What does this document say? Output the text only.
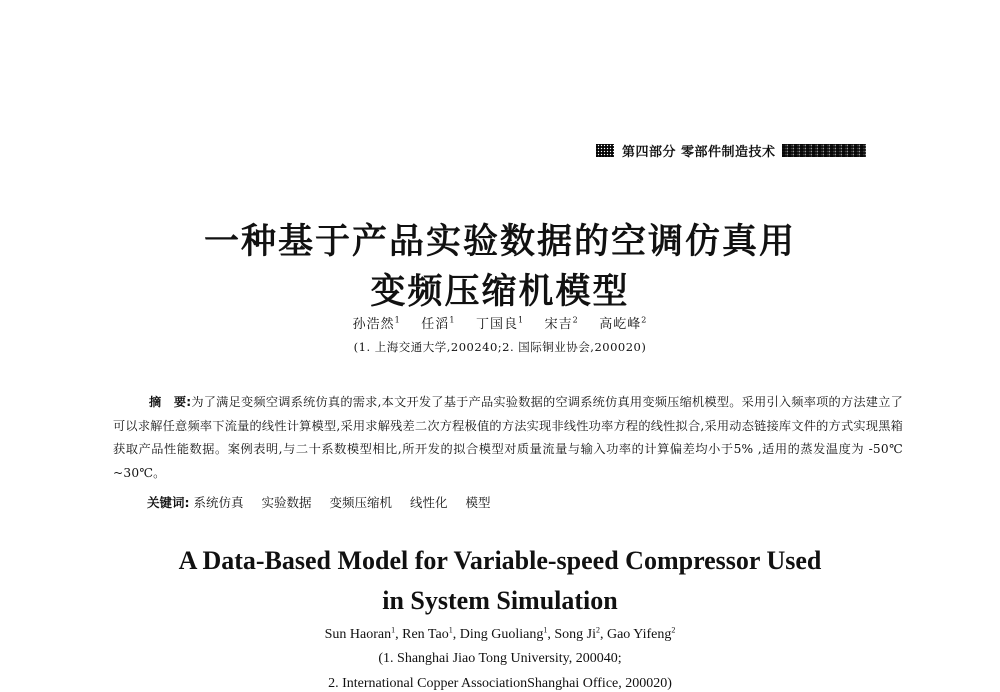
第四部分 零部件制造技术
一种基于产品实验数据的空调仿真用
变频压缩机模型
孙浩然$^1$ 任滔$^1$ 丁国良$^1$ 宋吉$^2$ 高屹峰$^2$
(1. 上海交通大学,200240;2. 国际铜业协会,200020)
摘　要:为了满足变频空调系统仿真的需求,本文开发了基于产品实验数据的空调系统仿真用变频压缩机模型。采用引入频率项的方法建立了可以求解任意频率下流量的线性计算模型,采用求解残差二次方程极值的方法实现非线性功率方程的线性拟合,采用动态链接库文件的方式实现黑箱获取产品性能数据。案例表明,与二十系数模型相比,所开发的拟合模型对质量流量与输入功率的计算偏差均小于5% ,适用的蒸发温度为 -50℃ ~30℃。
关键词: 系统仿真 实验数据 变频压缩机 线性化 模型
A Data-Based Model for Variable-speed Compressor Used
in System Simulation
Sun Haoran$^1$, Ren Tao$^1$, Ding Guoliang$^1$, Song Ji$^2$, Gao Yifeng$^2$
(1. Shanghai Jiao Tong University, 200040;
2. International Copper AssociationShanghai Office, 200020)
